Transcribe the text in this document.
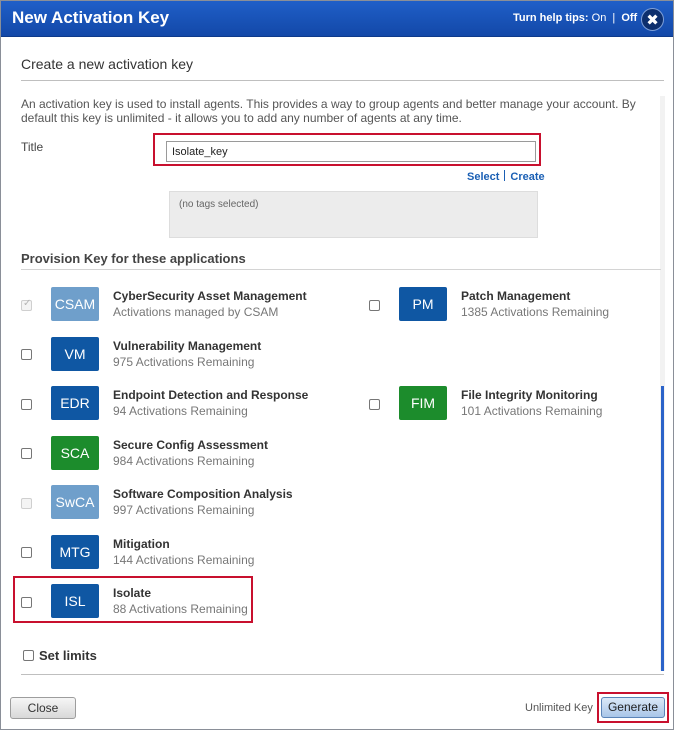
New Activation Key	Turn help tips: On | Off ✖
Create a new activation key
An activation key is used to install agents. This provides a way to group agents and better manage your account. By default this key is unlimited - it allows you to add any number of agents at any time.
Title
Isolate_key
Select Create
(no tags selected)
Provision Key for these applications
✓
CSAM	CyberSecurity Asset Management
Activations managed by CSAM	PM	Patch Management
1385 Activations Remaining
VM	Vulnerability Management
975 Activations Remaining
EDR	Endpoint Detection and Response
94 Activations Remaining	FIM	File Integrity Monitoring
101 Activations Remaining
SCA	Secure Config Assessment
984 Activations Remaining
SwCA	Software Composition Analysis
997 Activations Remaining
MTG	Mitigation
144 Activations Remaining
ISL	Isolate
88 Activations Remaining
Set limits
Close	Unlimited Key	Generate
